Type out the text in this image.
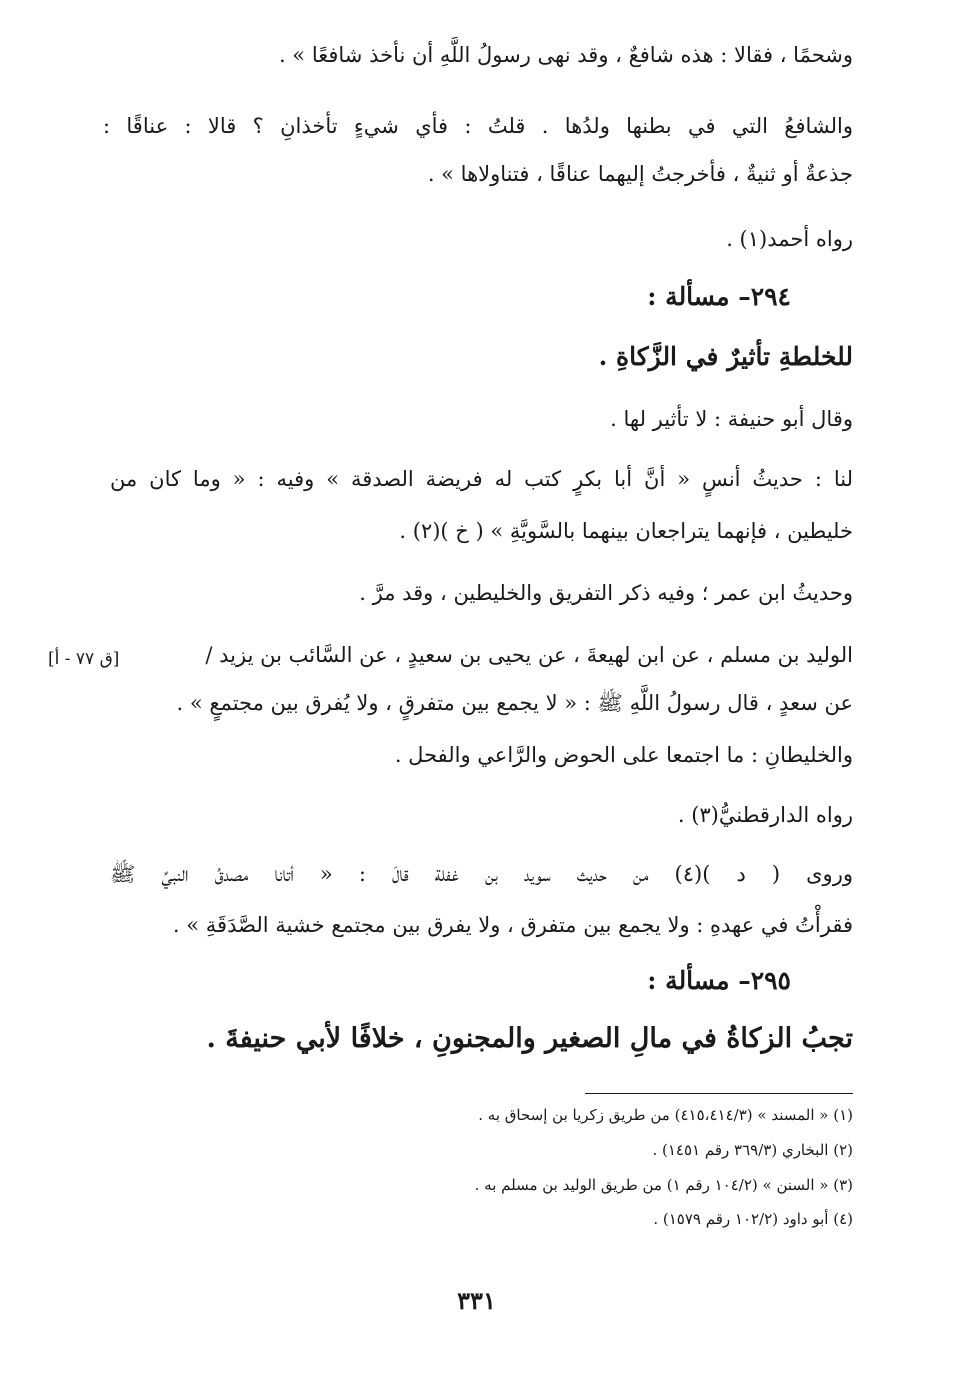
وشحمًا ، فقالا : هذه شافعٌ ، وقد نهى رسولُ اللَّهِ أن نأخذ شافعًا » .
والشافعُ التي في بطنها ولدُها . قلتُ : فأي شيءٍ تأخذانِ ؟ قالا : عناقًا :
جذعةٌ أو ثنيةٌ ، فأخرجتُ إليهما عناقًا ، فتناولاها » .
رواه أحمد(١) .
٢٩٤– مسألة :
للخلطةِ تأثيرٌ في الزَّكاةِ .
وقال أبو حنيفة : لا تأثير لها .
لنا : حديثُ أنسٍ « أنَّ أبا بكرٍ كتب له فريضة الصدقة » وفيه : « وما كان من
خليطين ، فإنهما يتراجعان بينهما بالسَّويَّةِ » ( خ )(٢) .
وحديثُ ابن عمر ؛ وفيه ذكر التفريق والخليطين ، وقد مرَّ .
الوليد بن مسلم ، عن ابن لهيعةَ ، عن يحيى بن سعيدٍ ، عن السَّائب بن يزيد /
[ق ٧٧ - أ]
عن سعدٍ ، قال رسولُ اللَّهِ ﷺ : « لا يجمع بين متفرقٍ ، ولا يُفرق بين مجتمعٍ » .
والخليطانِ : ما اجتمعا على الحوض والرَّاعي والفحل .
رواه الدارقطنيُّ(٣) .
وروى ( د )(٤) من حديث سويد بن غفلة قالَ : « أتانا مصدقُ النبيِّ ﷺ
فقرأْتُ في عهدهِ : ولا يجمع بين متفرق ، ولا يفرق بين مجتمع خشية الصَّدَقَةِ » .
٢٩٥– مسألة :
تجبُ الزكاةُ في مالِ الصغير والمجنونِ ، خلافًا لأبي حنيفةَ .
(١) « المسند » (٤١٥،٤١٤/٣) من طريق زكريا بن إسحاق به .
(٢) البخاري (٣٦٩/٣ رقم ١٤٥١) .
(٣) « السنن » (١٠٤/٢ رقم ١) من طريق الوليد بن مسلم به .
(٤) أبو داود (١٠٢/٢ رقم ١٥٧٩) .
٣٣١
